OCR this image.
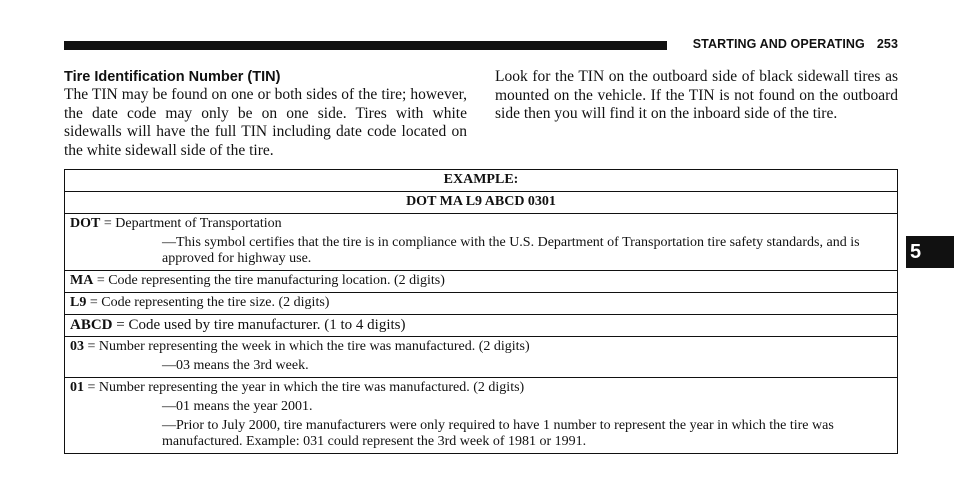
STARTING AND OPERATING 253
Tire Identification Number (TIN)

The TIN may be found on one or both sides of the tire; however, the date code may only be on one side. Tires with white sidewalls will have the full TIN including date code located on the white sidewall side of the tire.

Look for the TIN on the outboard side of black sidewall tires as mounted on the vehicle. If the TIN is not found on the outboard side then you will find it on the inboard side of the tire.

5
EXAMPLE:
DOT MA L9 ABCD 0301
DOT = Department of Transportation
—This symbol certifies that the tire is in compliance with the U.S. Department of Transportation tire safety standards, and is approved for highway use.

MA = Code representing the tire manufacturing location. (2 digits)
L9 = Code representing the tire size. (2 digits)
ABCD = Code used by tire manufacturer. (1 to 4 digits)
03 = Number representing the week in which the tire was manufactured. (2 digits)
—03 means the 3rd week.

01 = Number representing the year in which the tire was manufactured. (2 digits)
—01 means the year 2001.
—Prior to July 2000, tire manufacturers were only required to have 1 number to represent the year in which the tire was manufactured. Example: 031 could represent the 3rd week of 1981 or 1991.
